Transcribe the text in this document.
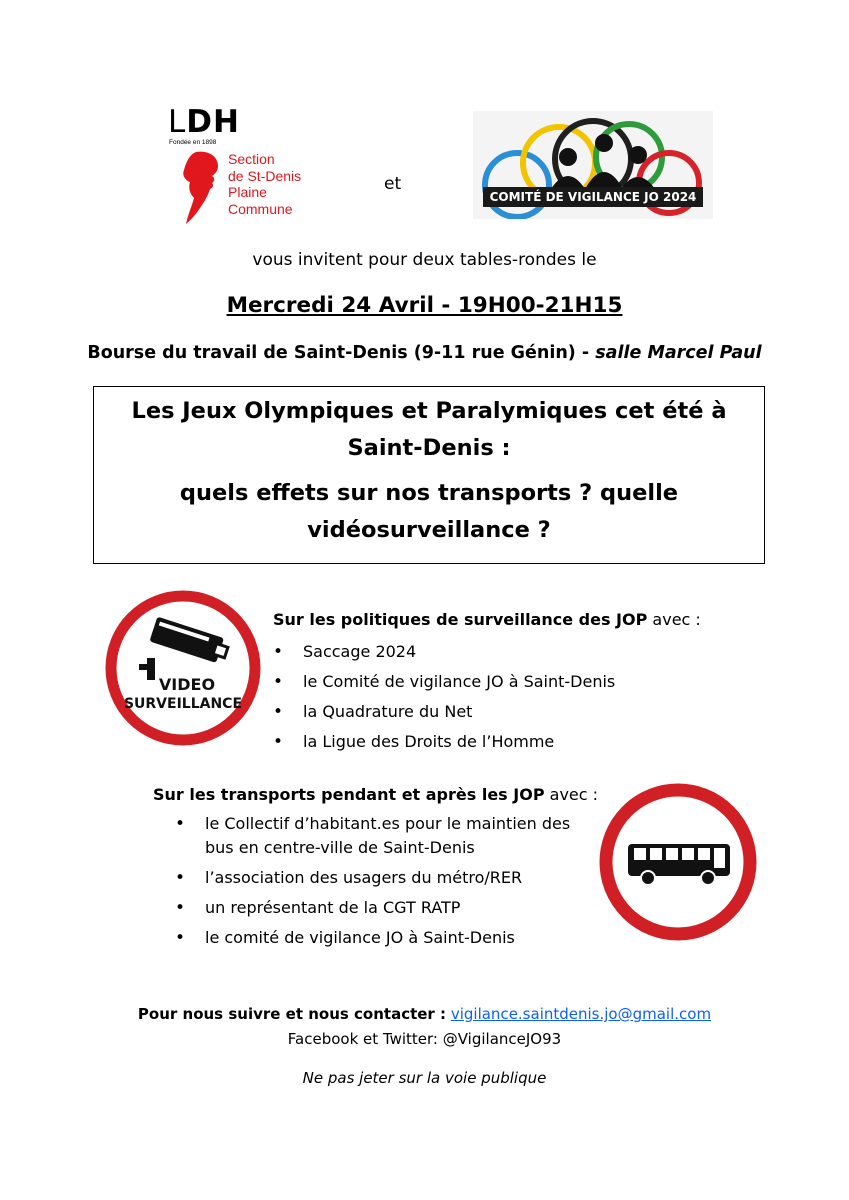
LDH
Fondée en 1898
Section
de St-Denis
Plaine
Commune
et
COMITÉ DE VIGILANCE JO 2024
vous invitent pour deux tables-rondes le
Mercredi 24 Avril - 19H00-21H15
Bourse du travail de Saint-Denis (9-11 rue Génin) - salle Marcel Paul
Les Jeux Olympiques et Paralymiques cet été à Saint-Denis :
quels effets sur nos transports ? quelle vidéosurveillance ?
VIDEO
SURVEILLANCE
Sur les politiques de surveillance des JOP avec :
• Saccage 2024
• le Comité de vigilance JO à Saint-Denis
• la Quadrature du Net
• la Ligue des Droits de l’Homme
Sur les transports pendant et après les JOP avec :
• le Collectif d’habitant.es pour le maintien des bus en centre-ville de Saint-Denis
• l’association des usagers du métro/RER
• un représentant de la CGT RATP
• le comité de vigilance JO à Saint-Denis
Pour nous suivre et nous contacter : vigilance.saintdenis.jo@gmail.com
Facebook et Twitter: @VigilanceJO93
Ne pas jeter sur la voie publique
